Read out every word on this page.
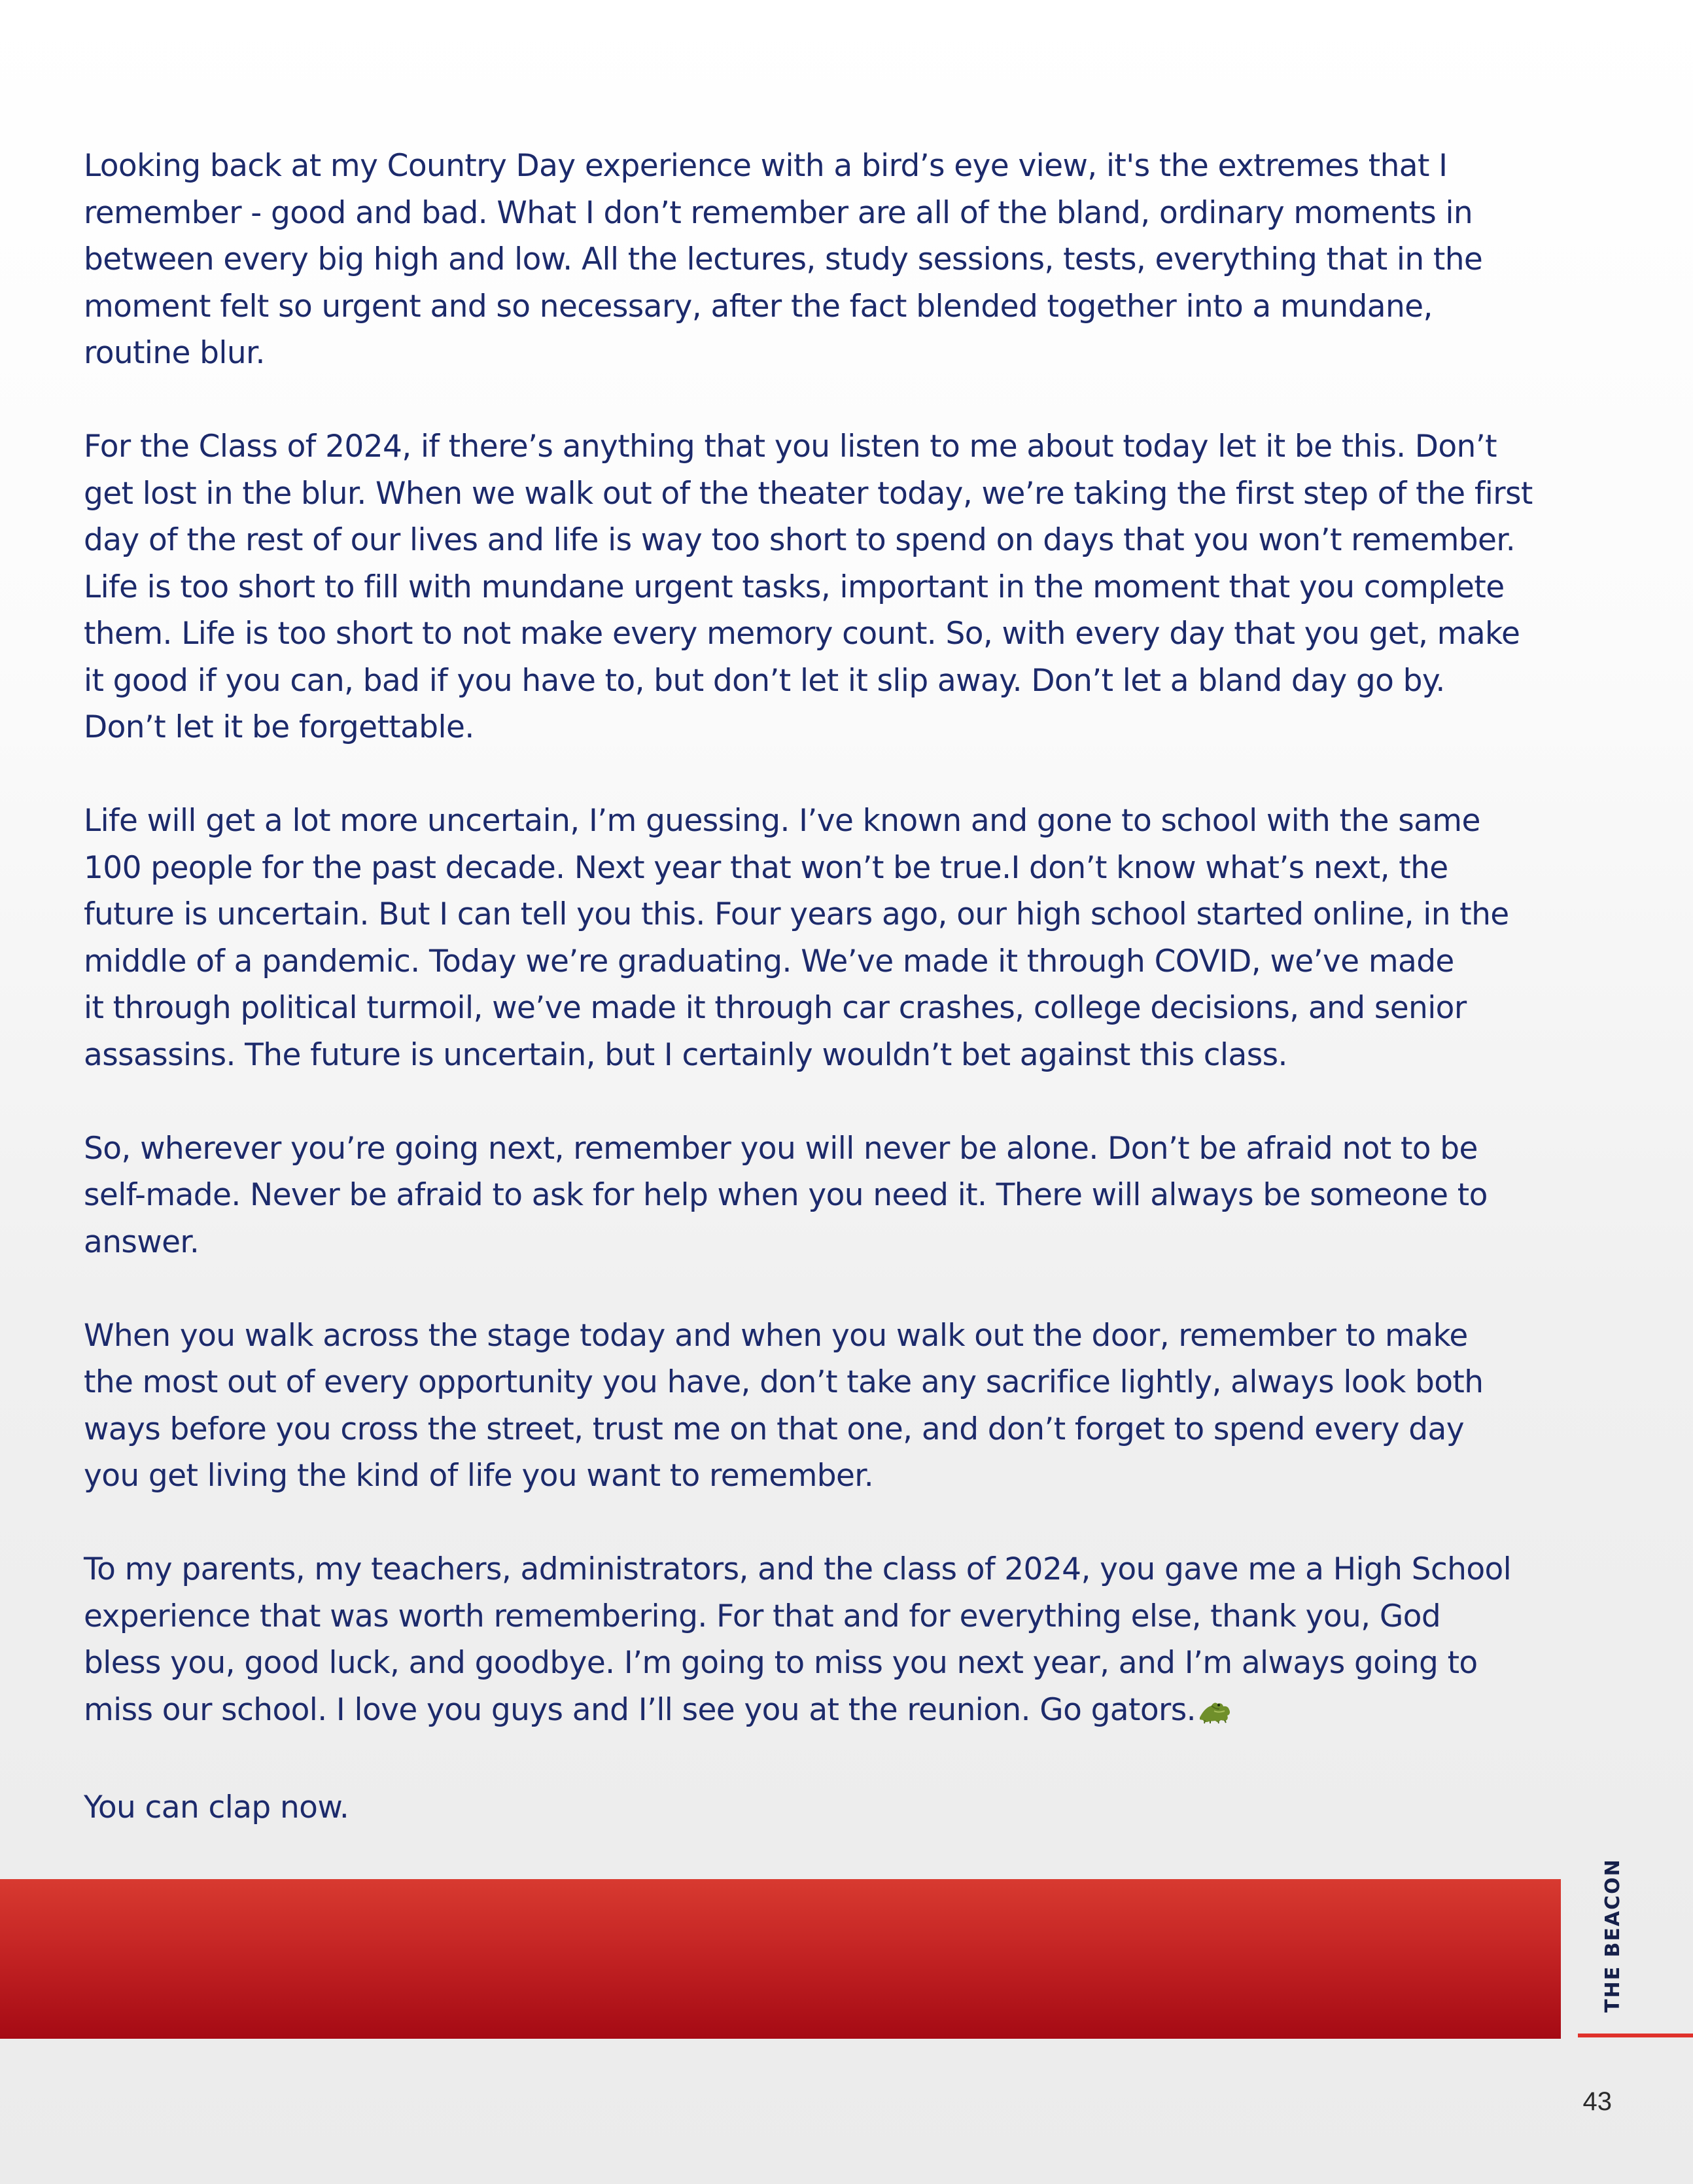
Looking back at my Country Day experience with a bird’s eye view, it's the extremes that I
remember - good and bad. What I don’t remember are all of the bland, ordinary moments in
between every big high and low. All the lectures, study sessions, tests, everything that in the
moment felt so urgent and so necessary, after the fact blended together into a mundane,
routine blur.

For the Class of 2024, if there’s anything that you listen to me about today let it be this. Don’t
get lost in the blur. When we walk out of the theater today, we’re taking the first step of the first
day of the rest of our lives and life is way too short to spend on days that you won’t remember.
Life is too short to fill with mundane urgent tasks, important in the moment that you complete
them. Life is too short to not make every memory count. So, with every day that you get, make
it good if you can, bad if you have to, but don’t let it slip away. Don’t let a bland day go by.
Don’t let it be forgettable.

Life will get a lot more uncertain, I’m guessing. I’ve known and gone to school with the same
100 people for the past decade. Next year that won’t be true.I don’t know what’s next, the
future is uncertain. But I can tell you this. Four years ago, our high school started online, in the
middle of a pandemic. Today we’re graduating. We’ve made it through COVID, we’ve made
it through political turmoil, we’ve made it through car crashes, college decisions, and senior
assassins. The future is uncertain, but I certainly wouldn’t bet against this class.

So, wherever you’re going next, remember you will never be alone. Don’t be afraid not to be
self-made. Never be afraid to ask for help when you need it. There will always be someone to
answer.

When you walk across the stage today and when you walk out the door, remember to make
the most out of every opportunity you have, don’t take any sacrifice lightly, always look both
ways before you cross the street, trust me on that one, and don’t forget to spend every day
you get living the kind of life you want to remember.

To my parents, my teachers, administrators, and the class of 2024, you gave me a High School
experience that was worth remembering. For that and for everything else, thank you, God
bless you, good luck, and goodbye. I’m going to miss you next year, and I’m always going to
miss our school. I love you guys and I’ll see you at the reunion. Go gators.

You can clap now.

THE BEACON
43
